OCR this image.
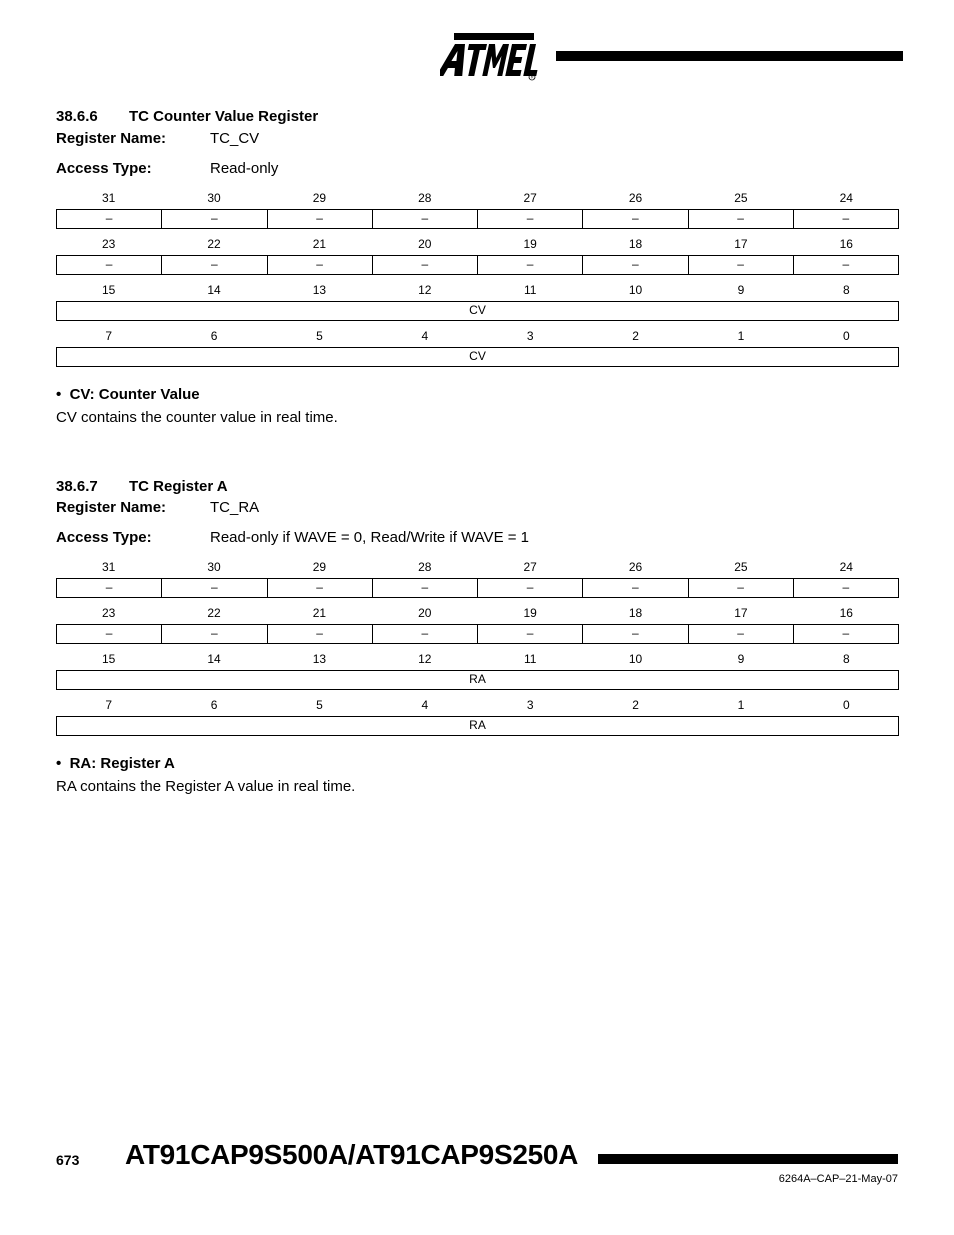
R
38.6.6 TC Counter Value Register
Register Name:	TC_CV
Access Type:	Read-only
31	30	29	28	27	26	25	24
–	–	–	–	–	–	–	–
23	22	21	20	19	18	17	16
–	–	–	–	–	–	–	–
15	14	13	12	11	10	9	8
CV
7	6	5	4	3	2	1	0
CV
•  CV: Counter Value
CV contains the counter value in real time.
38.6.7 TC Register A
Register Name:	TC_RA
Access Type:	Read-only if WAVE = 0, Read/Write if WAVE = 1
31	30	29	28	27	26	25	24
–	–	–	–	–	–	–	–
23	22	21	20	19	18	17	16
–	–	–	–	–	–	–	–
15	14	13	12	11	10	9	8
RA
7	6	5	4	3	2	1	0
RA
•  RA: Register A
RA contains the Register A value in real time.
673 AT91CAP9S500A/AT91CAP9S250A
6264A–CAP–21-May-07
